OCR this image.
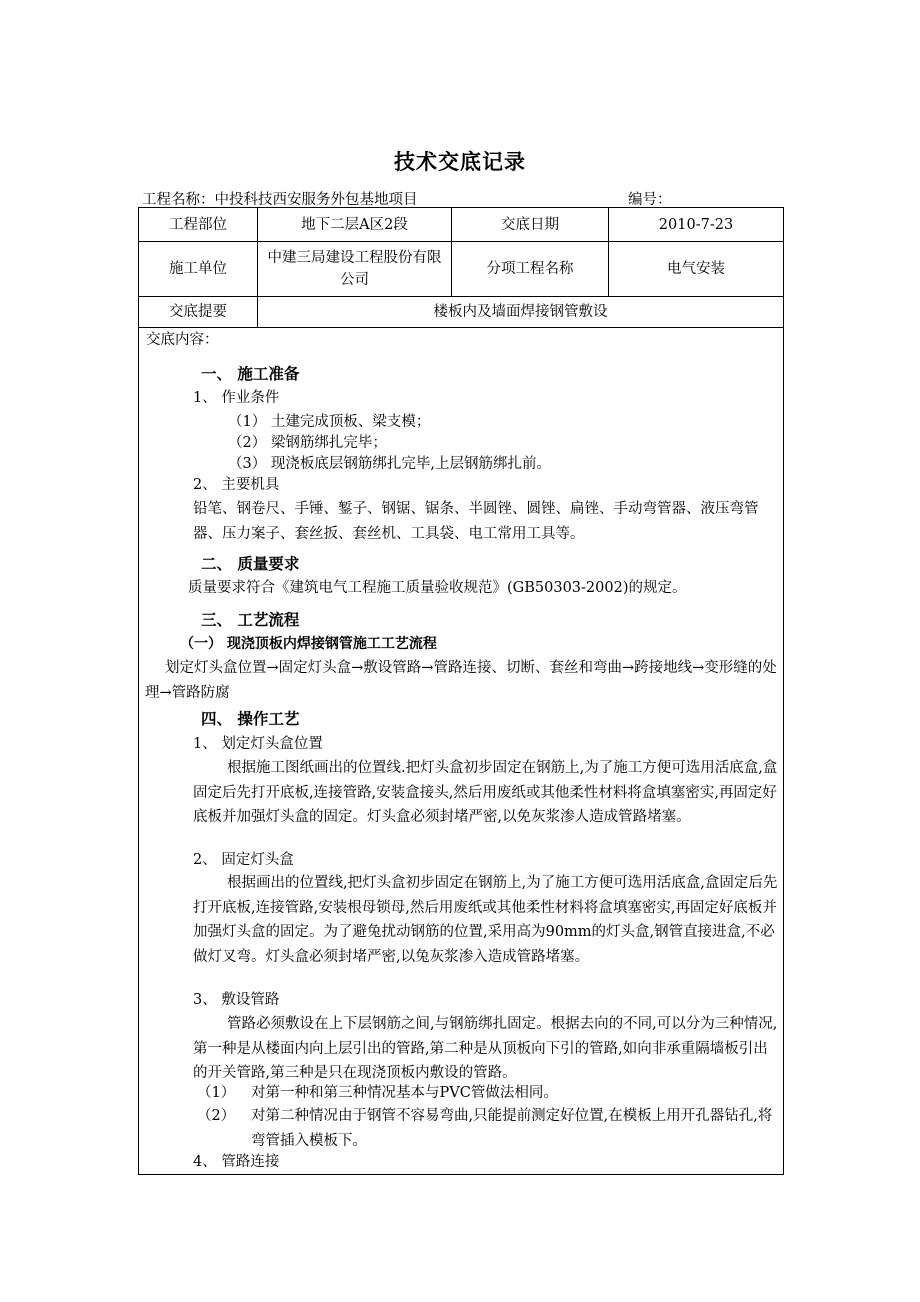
技术交底记录
工程名称：中投科技西安服务外包基地项目	编号：
工程部位	地下二层A区2段	交底日期	2010-7-23
施工单位	中建三局建设工程股份有限公司	分项工程名称	电气安装
交底提要	楼板内及墙面焊接钢管敷设		
交底内容：
一、 施工准备
1、 作业条件
（1） 土建完成顶板、梁支模；
（2） 梁钢筋绑扎完毕；
（3） 现浇板底层钢筋绑扎完毕,上层钢筋绑扎前。
2、 主要机具
铅笔、钢卷尺、手锤、錾子、钢锯、锯条、半圆锉、圆锉、扁锉、手动弯管器、液压弯管器、压力案子、套丝扳、套丝机、工具袋、电工常用工具等。
二、 质量要求
质量要求符合《建筑电气工程施工质量验收规范》(GB50303-2002)的规定。
三、 工艺流程
（一） 现浇顶板内焊接钢管施工工艺流程
划定灯头盒位置→固定灯头盒→敷设管路→管路连接、切断、套丝和弯曲→跨接地线→变形缝的处理→管路防腐
四、 操作工艺
1、 划定灯头盒位置
根据施工图纸画出的位置线.把灯头盒初步固定在钢筋上,为了施工方便可选用活底盒,盒固定后先打开底板,连接管路,安装盒接头,然后用废纸或其他柔性材料将盒填塞密实,再固定好底板并加强灯头盒的固定。灯头盒必须封堵严密,以免灰浆渗人造成管路堵塞。
2、 固定灯头盒
根据画出的位置线,把灯头盒初步固定在钢筋上,为了施工方便可选用活底盒,盒固定后先打开底板,连接管路,安装根母锁母,然后用废纸或其他柔性材料将盒填塞密实,再固定好底板并加强灯头盒的固定。为了避兔扰动钢筋的位置,采用高为90mm的灯头盒,钢管直接进盒,不必做灯叉弯。灯头盒必须封堵严密,以兔灰浆渗入造成管路堵塞。
3、 敷设管路
管路必须敷设在上下层钢筋之间,与钢筋绑扎固定。根据去向的不同,可以分为三种情况,第一种是从楼面内向上层引出的管路,第二种是从顶板向下引的管路,如向非承重隔墙板引出的开关管路,第三种是只在现浇顶板内敷设的管路。
（1） 对第一种和第三种情况基本与PVC管做法相同。
（2） 对第二种情况由于钢管不容易弯曲,只能提前测定好位置,在模板上用开孔器钻孔,将弯管插入模板下。
4、 管路连接
